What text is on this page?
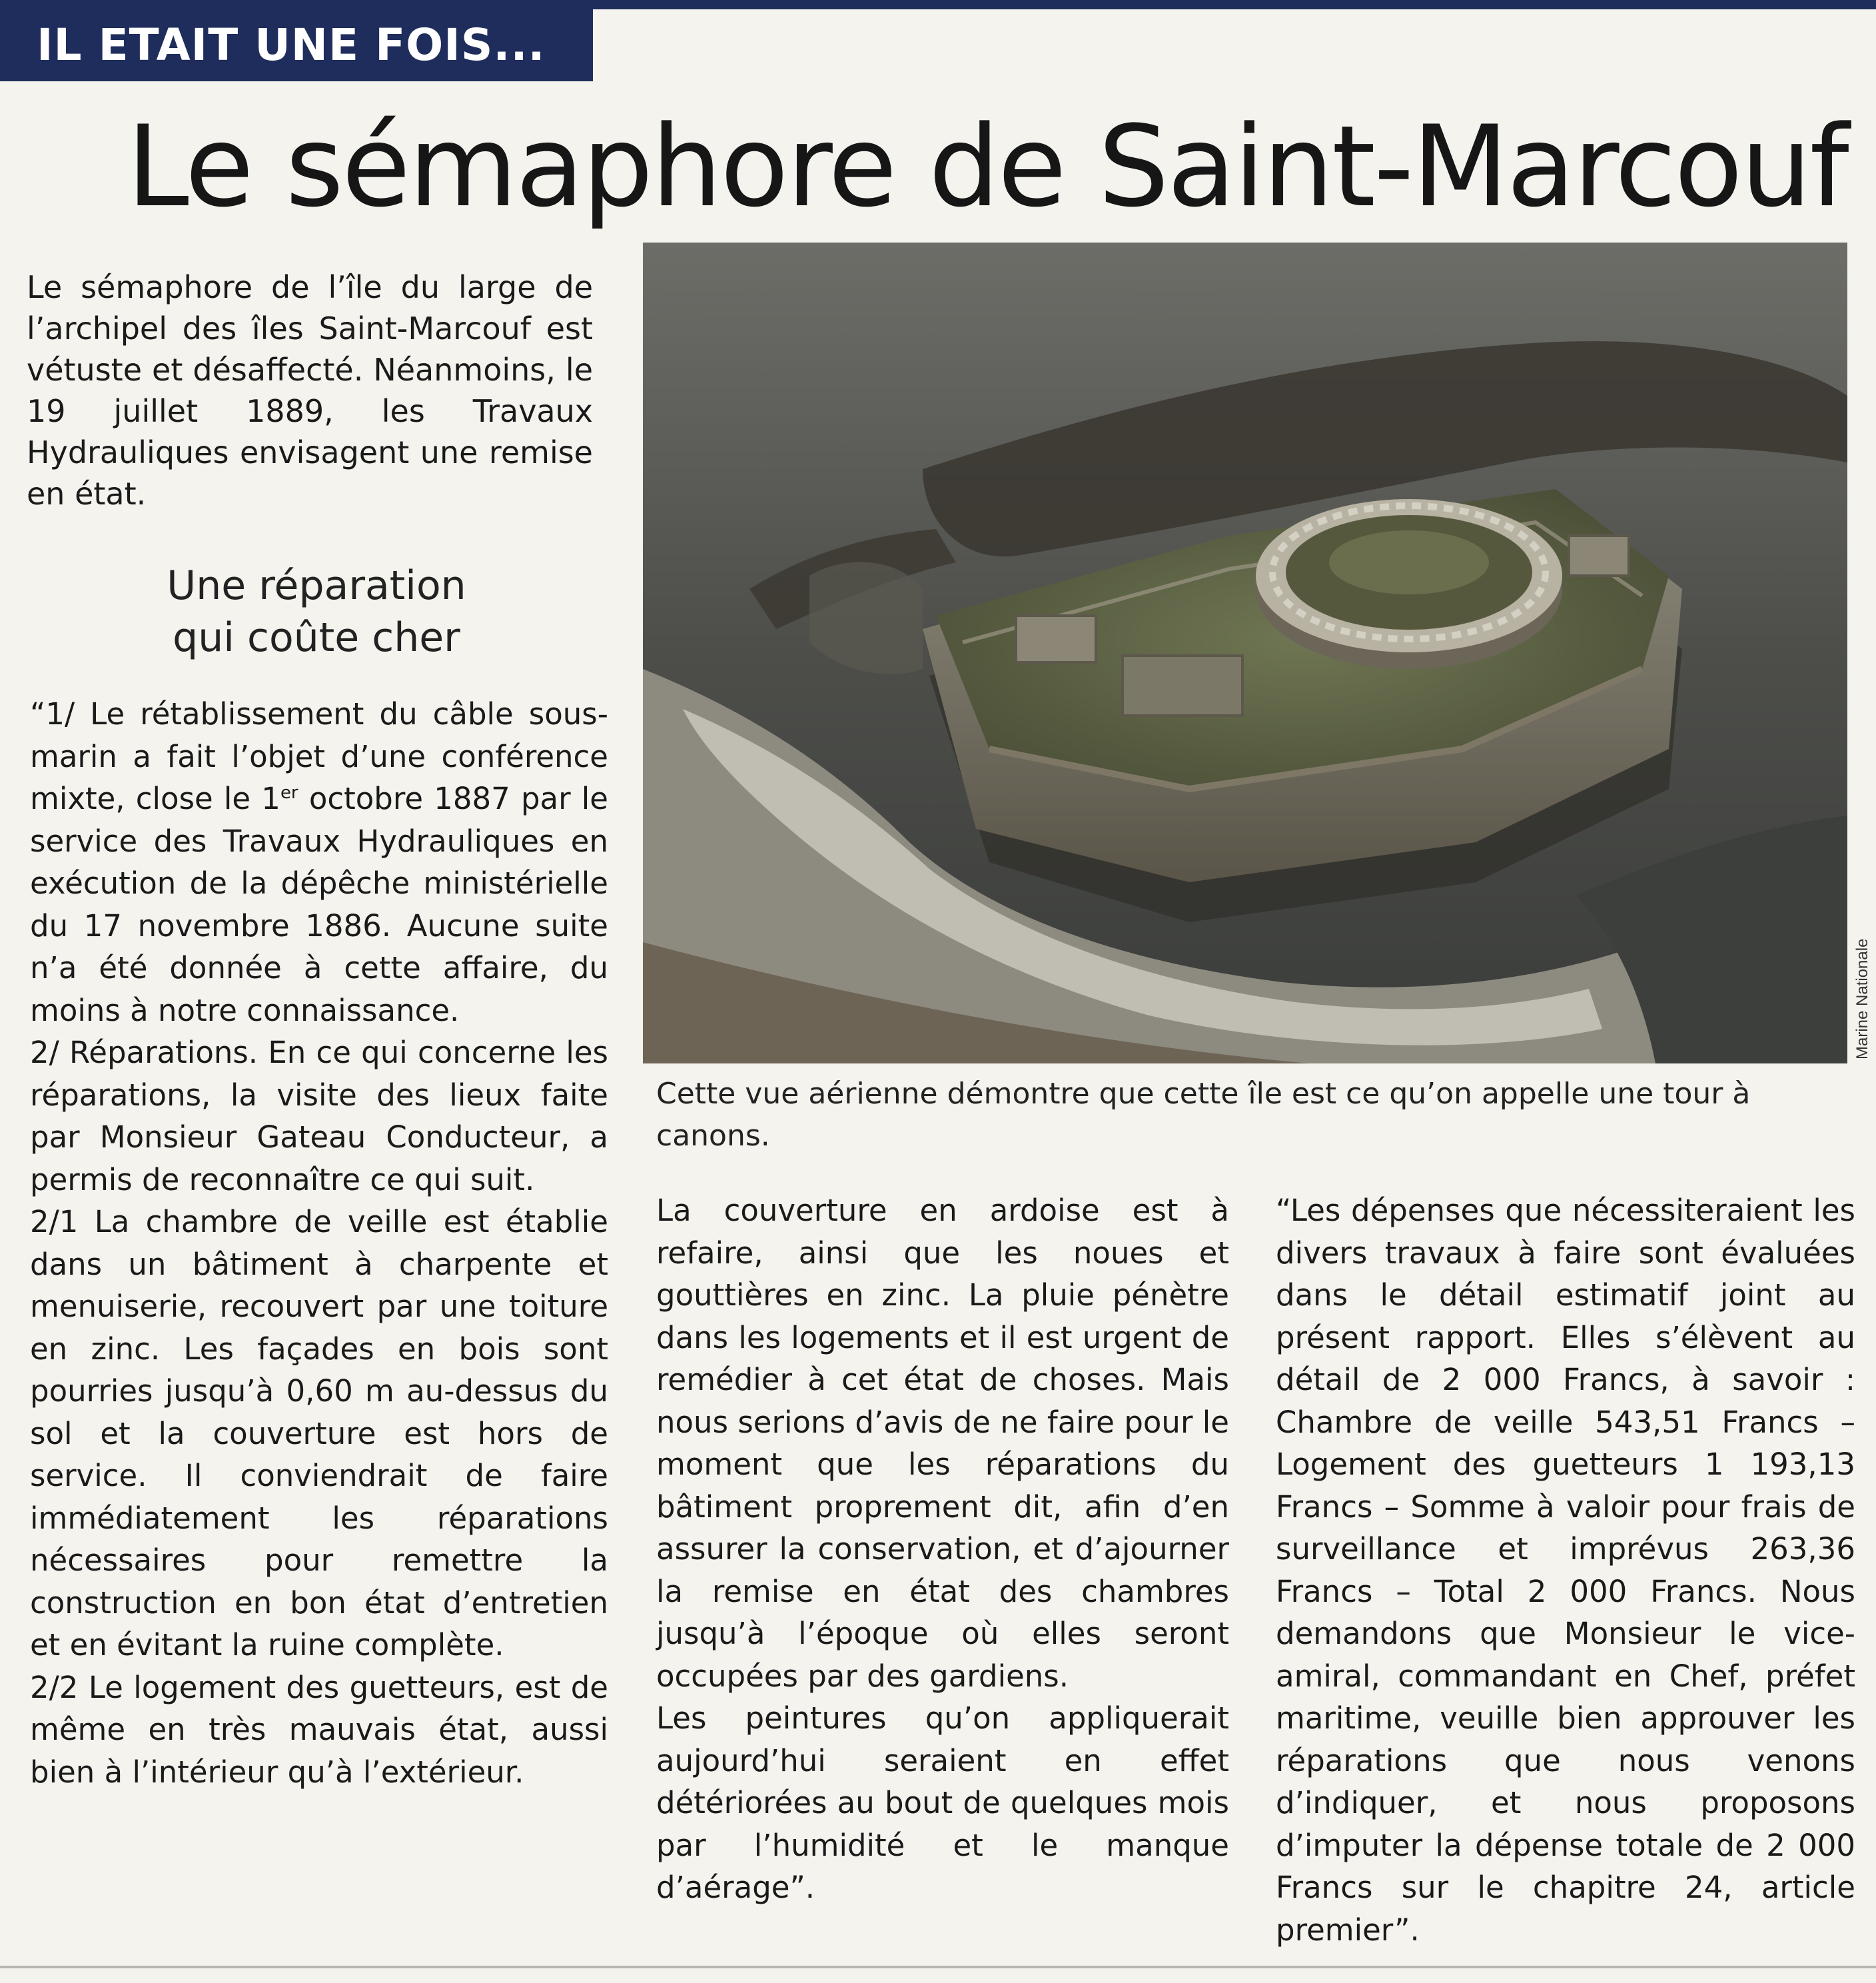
IL ETAIT UNE FOIS...
Le sémaphore de Saint-Marcouf

Le sémaphore de l’île du large de l’archipel des îles Saint-Marcouf est vétuste et désaffecté. Néanmoins, le 19 juillet 1889, les Travaux Hydrauliques envisagent une remise en état.

Une réparation
qui coûte cher

“1/ Le rétablissement du câble sous-marin a fait l’objet d’une conférence mixte, close le 1er octobre 1887 par le service des Travaux Hydrauliques en exécution de la dépêche ministérielle du 17 novembre 1886. Aucune suite n’a été donnée à cette affaire, du moins à notre connaissance.

2/ Réparations. En ce qui concerne les réparations, la visite des lieux faite par Monsieur Gateau Conducteur, a permis de reconnaître ce qui suit.

2/1 La chambre de veille est établie dans un bâtiment à charpente et menuiserie, recouvert par une toiture en zinc. Les façades en bois sont pourries jusqu’à 0,60 m au-dessus du sol et la couverture est hors de service. Il conviendrait de faire immédiatement les réparations nécessaires pour remettre la construction en bon état d’entretien et en évitant la ruine complète.

2/2 Le logement des guetteurs, est de même en très mauvais état, aussi bien à l’intérieur qu’à l’extérieur.

Marine Nationale

Cette vue aérienne démontre que cette île est ce qu’on appelle une tour à canons.

La couverture en ardoise est à refaire, ainsi que les noues et gouttières en zinc. La pluie pénètre dans les logements et il est urgent de remédier à cet état de choses. Mais nous serions d’avis de ne faire pour le moment que les réparations du bâtiment proprement dit, afin d’en assurer la conservation, et d’ajourner la remise en état des chambres jusqu’à l’époque où elles seront occupées par des gardiens.

Les peintures qu’on appliquerait aujourd’hui seraient en effet détériorées au bout de quelques mois par l’humidité et le manque d’aérage”.

“Les dépenses que nécessiteraient les divers travaux à faire sont évaluées dans le détail estimatif joint au présent rapport. Elles s’élèvent au détail de 2 000 Francs, à savoir : Chambre de veille 543,51 Francs – Logement des guetteurs 1 193,13 Francs – Somme à valoir pour frais de surveillance et imprévus 263,36 Francs – Total 2 000 Francs. Nous demandons que Monsieur le vice-amiral, commandant en Chef, préfet maritime, veuille bien approuver les réparations que nous venons d’indiquer, et nous proposons d’imputer la dépense totale de 2 000 Francs sur le chapitre 24, article premier”.
